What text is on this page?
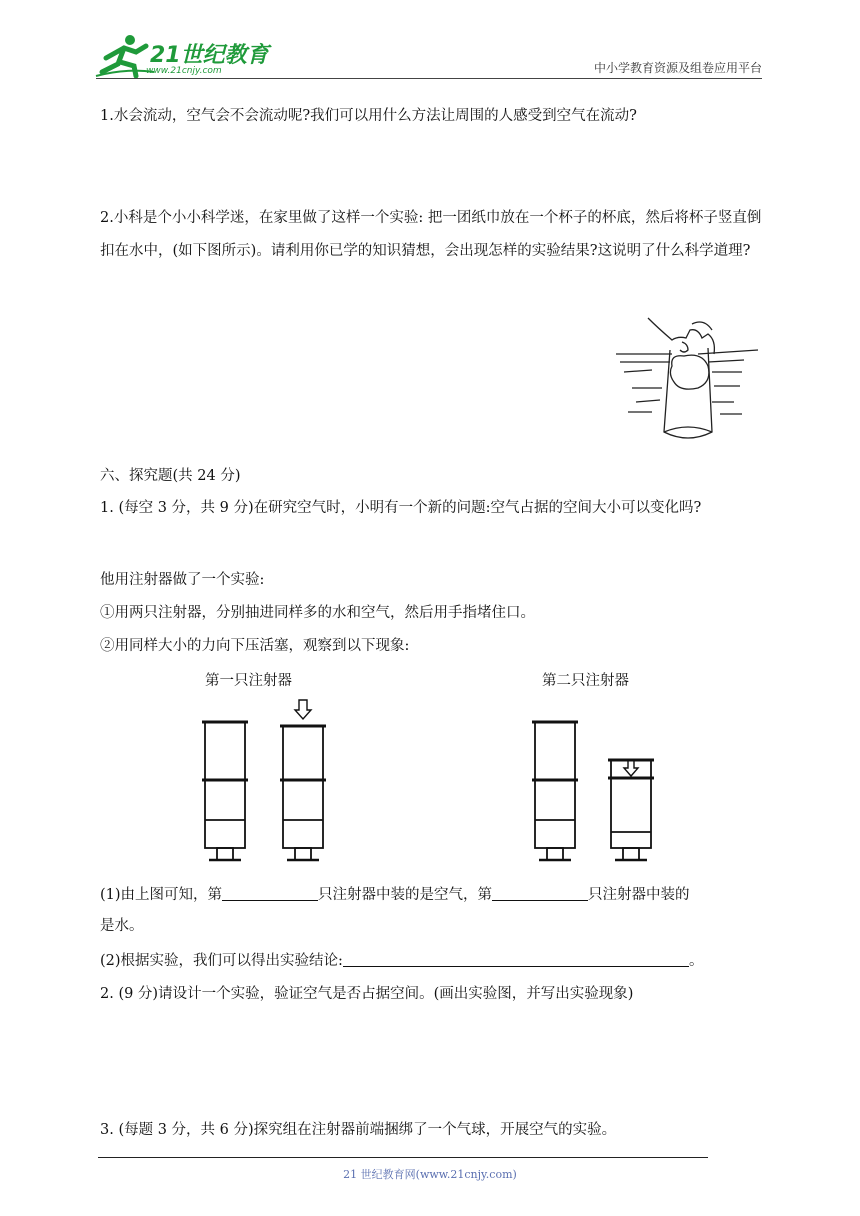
21世纪教育
www.21cnjy.com	中小学教育资源及组卷应用平台
1.水会流动，空气会不会流动呢?我们可以用什么方法让周围的人感受到空气在流动?
2.小科是个小小科学迷，在家里做了这样一个实验: 把一团纸巾放在一个杯子的杯底，然后将杯子竖直倒扣在水中，(如下图所示)。请利用你已学的知识猜想，会出现怎样的实验结果?这说明了什么科学道理?
六、探究题(共 24 分)
1. (每空 3 分，共 9 分)在研究空气时，小明有一个新的问题:空气占据的空间大小可以变化吗?
他用注射器做了一个实验:
①用两只注射器，分别抽进同样多的水和空气，然后用手指堵住口。
②用同样大小的力向下压活塞，观察到以下现象:
第一只注射器	第二只注射器
(1)由上图可知，第	只注射器中装的是空气，第	只注射器中装的
是水。
(2)根据实验，我们可以得出实验结论:	。
2. (9 分)请设计一个实验，验证空气是否占据空间。(画出实验图，并写出实验现象)
3. (每题 3 分，共 6 分)探究组在注射器前端捆绑了一个气球，开展空气的实验。
21 世纪教育网(www.21cnjy.com)
